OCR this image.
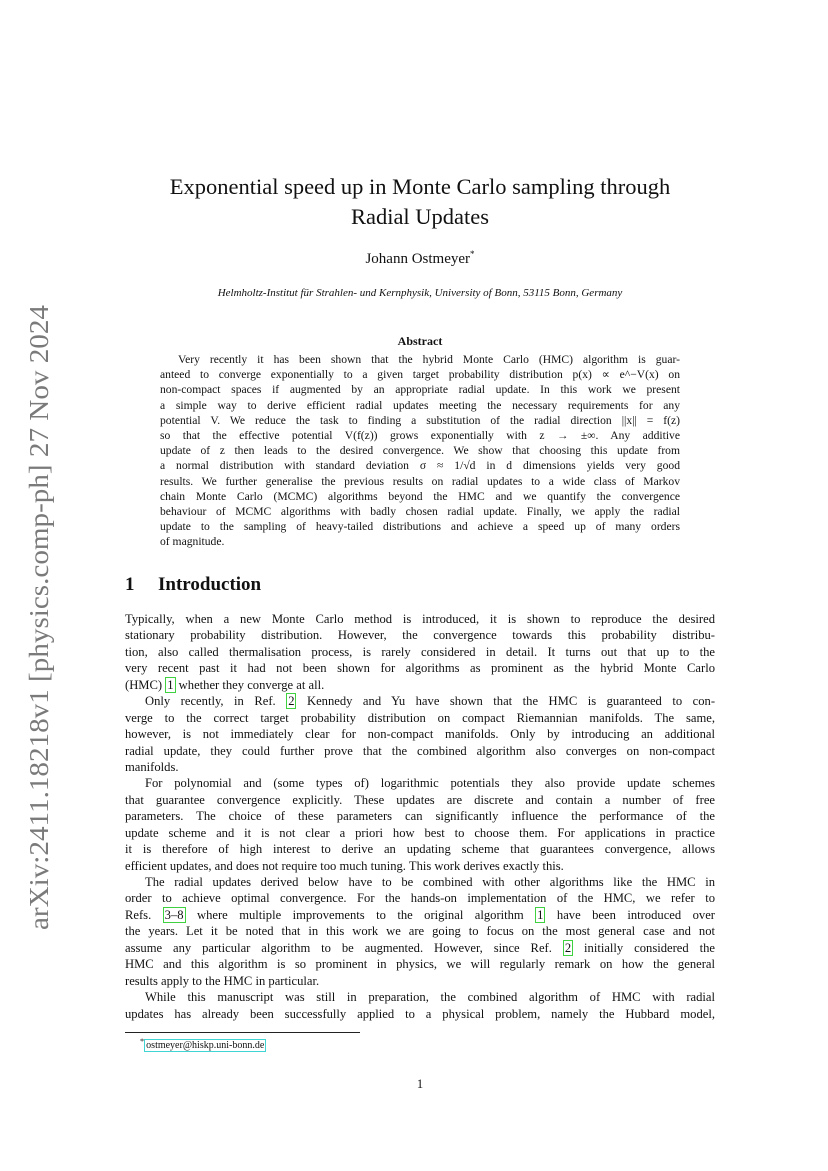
arXiv:2411.18218v1 [physics.comp-ph] 27 Nov 2024
Exponential speed up in Monte Carlo sampling through
Radial Updates
Johann Ostmeyer*
Helmholtz-Institut für Strahlen- und Kernphysik, University of Bonn, 53115 Bonn, Germany
Abstract
Very recently it has been shown that the hybrid Monte Carlo (HMC) algorithm is guar-
anteed to converge exponentially to a given target probability distribution p(x) ∝ e^−V(x) on
non-compact spaces if augmented by an appropriate radial update. In this work we present
a simple way to derive efficient radial updates meeting the necessary requirements for any
potential V. We reduce the task to finding a substitution of the radial direction ||x|| = f(z)
so that the effective potential V(f(z)) grows exponentially with z → ±∞. Any additive
update of z then leads to the desired convergence. We show that choosing this update from
a normal distribution with standard deviation σ ≈ 1/√d in d dimensions yields very good
results. We further generalise the previous results on radial updates to a wide class of Markov
chain Monte Carlo (MCMC) algorithms beyond the HMC and we quantify the convergence
behaviour of MCMC algorithms with badly chosen radial update. Finally, we apply the radial
update to the sampling of heavy-tailed distributions and achieve a speed up of many orders
of magnitude.
1 Introduction
Typically, when a new Monte Carlo method is introduced, it is shown to reproduce the desired
stationary probability distribution. However, the convergence towards this probability distribu-
tion, also called thermalisation process, is rarely considered in detail. It turns out that up to the
very recent past it had not been shown for algorithms as prominent as the hybrid Monte Carlo
(HMC) 1 whether they converge at all.
Only recently, in Ref. 2 Kennedy and Yu have shown that the HMC is guaranteed to con-
verge to the correct target probability distribution on compact Riemannian manifolds. The same,
however, is not immediately clear for non-compact manifolds. Only by introducing an additional
radial update, they could further prove that the combined algorithm also converges on non-compact
manifolds.
For polynomial and (some types of) logarithmic potentials they also provide update schemes
that guarantee convergence explicitly. These updates are discrete and contain a number of free
parameters. The choice of these parameters can significantly influence the performance of the
update scheme and it is not clear a priori how best to choose them. For applications in practice
it is therefore of high interest to derive an updating scheme that guarantees convergence, allows
efficient updates, and does not require too much tuning. This work derives exactly this.
The radial updates derived below have to be combined with other algorithms like the HMC in
order to achieve optimal convergence. For the hands-on implementation of the HMC, we refer to
Refs. 3–8 where multiple improvements to the original algorithm 1 have been introduced over
the years. Let it be noted that in this work we are going to focus on the most general case and not
assume any particular algorithm to be augmented. However, since Ref. 2 initially considered the
HMC and this algorithm is so prominent in physics, we will regularly remark on how the general
results apply to the HMC in particular.
While this manuscript was still in preparation, the combined algorithm of HMC with radial
updates has already been successfully applied to a physical problem, namely the Hubbard model,
* ostmeyer@hiskp.uni-bonn.de
1
